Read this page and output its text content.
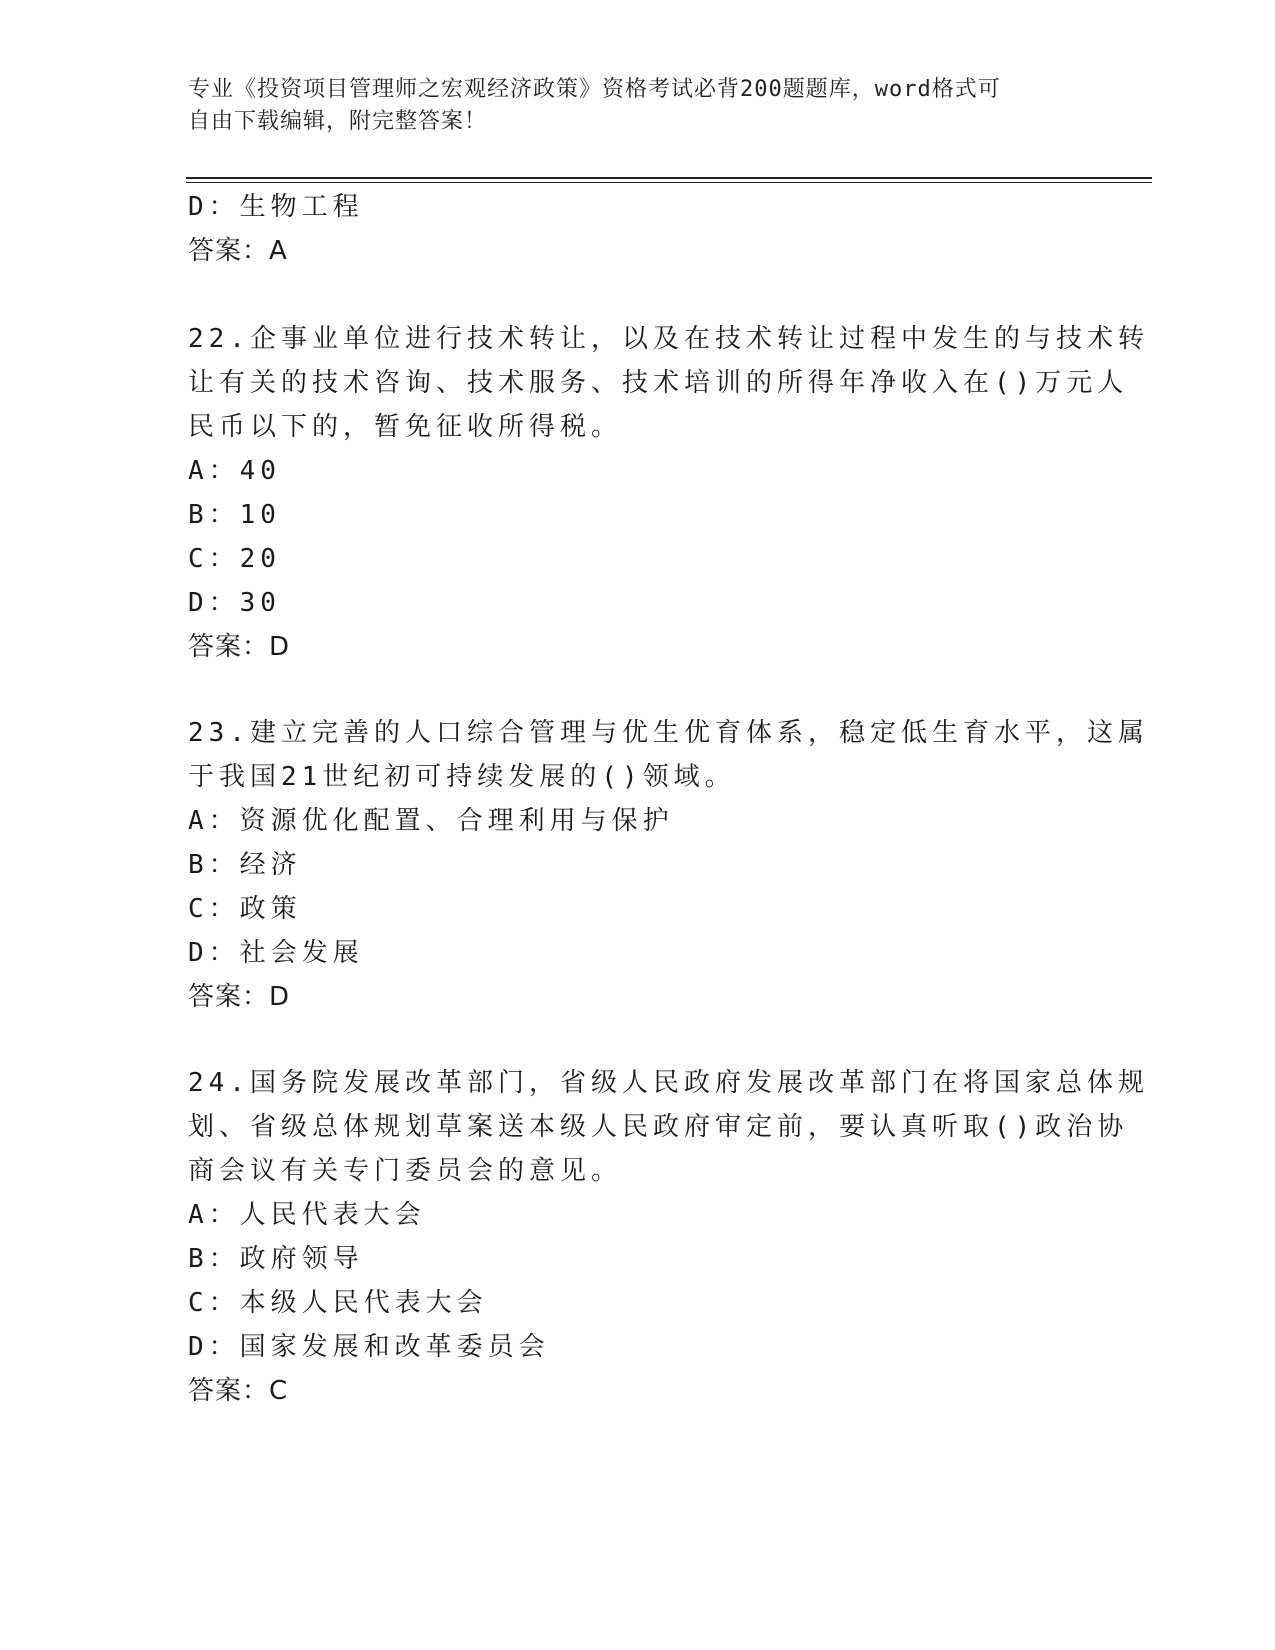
专业《投资项目管理师之宏观经济政策》资格考试必背200题题库，word格式可
自由下载编辑，附完整答案！
D：生物工程
答案：A
22.企事业单位进行技术转让，以及在技术转让过程中发生的与技术转
让有关的技术咨询、技术服务、技术培训的所得年净收入在()万元人
民币以下的，暂免征收所得税。
A：40
B：10
C：20
D：30
答案：D
23.建立完善的人口综合管理与优生优育体系，稳定低生育水平，这属
于我国21世纪初可持续发展的()领域。
A：资源优化配置、合理利用与保护
B：经济
C：政策
D：社会发展
答案：D
24.国务院发展改革部门，省级人民政府发展改革部门在将国家总体规
划、省级总体规划草案送本级人民政府审定前，要认真听取()政治协
商会议有关专门委员会的意见。
A：人民代表大会
B：政府领导
C：本级人民代表大会
D：国家发展和改革委员会
答案：C
